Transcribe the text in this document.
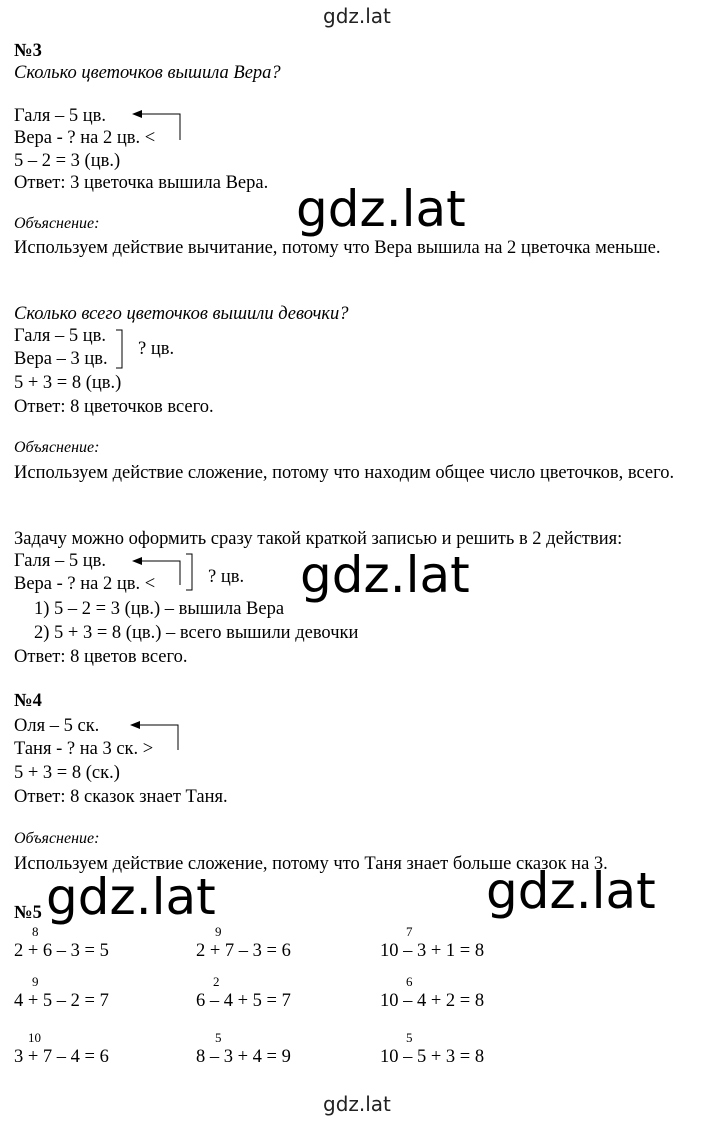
gdz.lat
gdz.lat
№3
Сколько цветочков вышила Вера?
Галя – 5 цв.
Вера - ? на 2 цв. <
5 – 2 = 3 (цв.)
Ответ: 3 цветочка вышила Вера.
Объяснение:
Используем действие вычитание, потому что Вера вышила на 2 цветочка меньше.
Сколько всего цветочков вышили девочки?
Галя – 5 цв.
Вера – 3 цв. ? цв.
5 + 3 = 8 (цв.)
Ответ: 8 цветочков всего.
Объяснение:
Используем действие сложение, потому что находим общее число цветочков, всего.
Задачу можно оформить сразу такой краткой записью и решить в 2 действия:
Галя – 5 цв.
Вера - ? на 2 цв. <	? цв.
1) 5 – 2 = 3 (цв.) – вышила Вера
2) 5 + 3 = 8 (цв.) – всего вышили девочки
Ответ: 8 цветов всего.
№4
Оля – 5 ск.
Таня - ? на 3 ск. >
5 + 3 = 8 (ск.)
Ответ: 8 сказок знает Таня.
Объяснение:
Используем действие сложение, потому что Таня знает больше сказок на 3.
№5
8
2 + 6 – 3 = 5
9
2 + 7 – 3 = 6
7
10 – 3 + 1 = 8
9
4 + 5 – 2 = 7
2
6 – 4 + 5 = 7
6
10 – 4 + 2 = 8
10
3 + 7 – 4 = 6
5
8 – 3 + 4 = 9
5
10 – 5 + 3 = 8
gdz.lat
gdz.lat
gdz.lat	gdz.lat
